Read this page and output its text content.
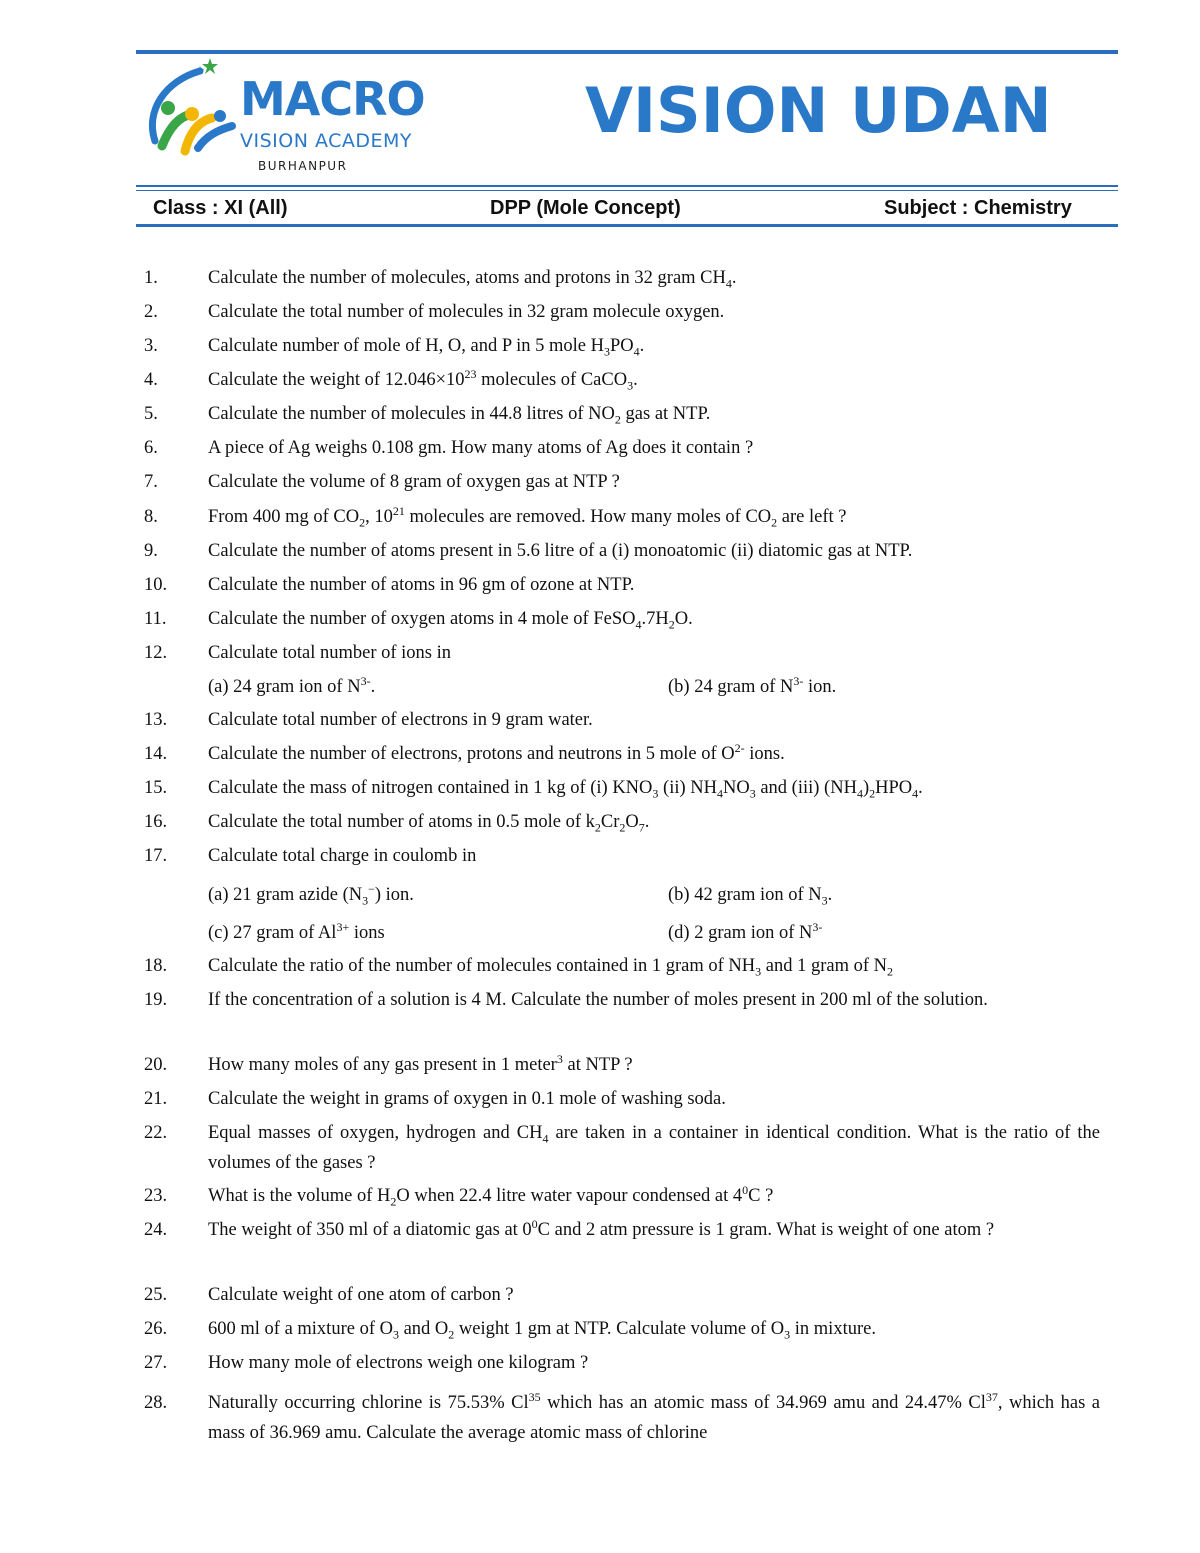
MACRO
VISION ACADEMY
BURHANPUR
VISION UDAN
Class : XI (All)	DPP (Mole Concept)	Subject : Chemistry
1.	Calculate the number of molecules, atoms and protons in 32 gram $CH_4$.
2.	Calculate the total number of molecules in 32 gram molecule oxygen.
3.	Calculate number of mole of H, O, and P in 5 mole $H_3PO_4$.
4.	Calculate the weight of $12.046\times 10^{23}$ molecules of CaCO$_3$.
5.	Calculate the number of molecules in 44.8 litres of $NO_2$ gas at NTP.
6.	A piece of Ag weighs 0.108 gm. How many atoms of Ag does it contain ?
7.	Calculate the volume of 8 gram of oxygen gas at NTP ?
8.	From 400 mg of $CO_2$, $10^{21}$ molecules are removed. How many moles of $CO_2$ are left ?
9.	Calculate the number of atoms present in 5.6 litre of a (i) monoatomic (ii) diatomic gas at NTP.
10. Calculate the number of atoms in 96 gm of ozone at NTP.
11. Calculate the number of oxygen atoms in 4 mole of $FeSO_4.7H_2O$.
12. Calculate total number of ions in
13. Calculate total number of electrons in 9 gram water.
14. Calculate the number of electrons, protons and neutrons in 5 mole of $O^{2-}$ ions.
15. Calculate the mass of nitrogen contained in 1 kg of (i) $KNO_3$ (ii) $NH_4NO_3$ and (iii) $(NH_4)_2HPO_4$.
16. Calculate the total number of atoms in 0.5 mole of $k_2Cr_2O_7$.
17. Calculate total charge in coulomb in
18. Calculate the ratio of the number of molecules contained in 1 gram of $NH_3$ and 1 gram of $N_2$
19. If the concentration of a solution is 4 M. Calculate the number of moles present in 200 ml of the solution.
20. How many moles of any gas present in 1 meter$^3$ at NTP ?
21. Calculate the weight in grams of oxygen in 0.1 mole of washing soda.
22. Equal masses of oxygen, hydrogen and $CH_4$ are taken in a container in identical condition. What is the ratio of the volumes of the gases ?
23. What is the volume of $H_2O$ when 22.4 litre water vapour condensed at $4^0C$ ?
24. The weight of 350 ml of a diatomic gas at $0^0C$ and 2 atm pressure is 1 gram. What is weight of one atom ?
25. Calculate weight of one atom of carbon ?
26. 600 ml of a mixture of $O_3$ and $O_2$ weight 1 gm at NTP. Calculate volume of $O_3$ in mixture.
27. How many mole of electrons weigh one kilogram ?
28. Naturally occurring chlorine is 75.53% Cl$^{35}$ which has an atomic mass of 34.969 amu and 24.47% Cl$^{37}$, which has a mass of 36.969 amu. Calculate the average atomic mass of chlorine
(a) 24 gram ion of $N^{3-}$.	(b) 24 gram of $N^{3-}$ ion.
(a) 21 gram azide $(N_3^-)$ ion.	(b) 42 gram ion of $N_3$.
(c) 27 gram of $Al^{3+}$ ions	(d) 2 gram ion of $N^{3-}$
